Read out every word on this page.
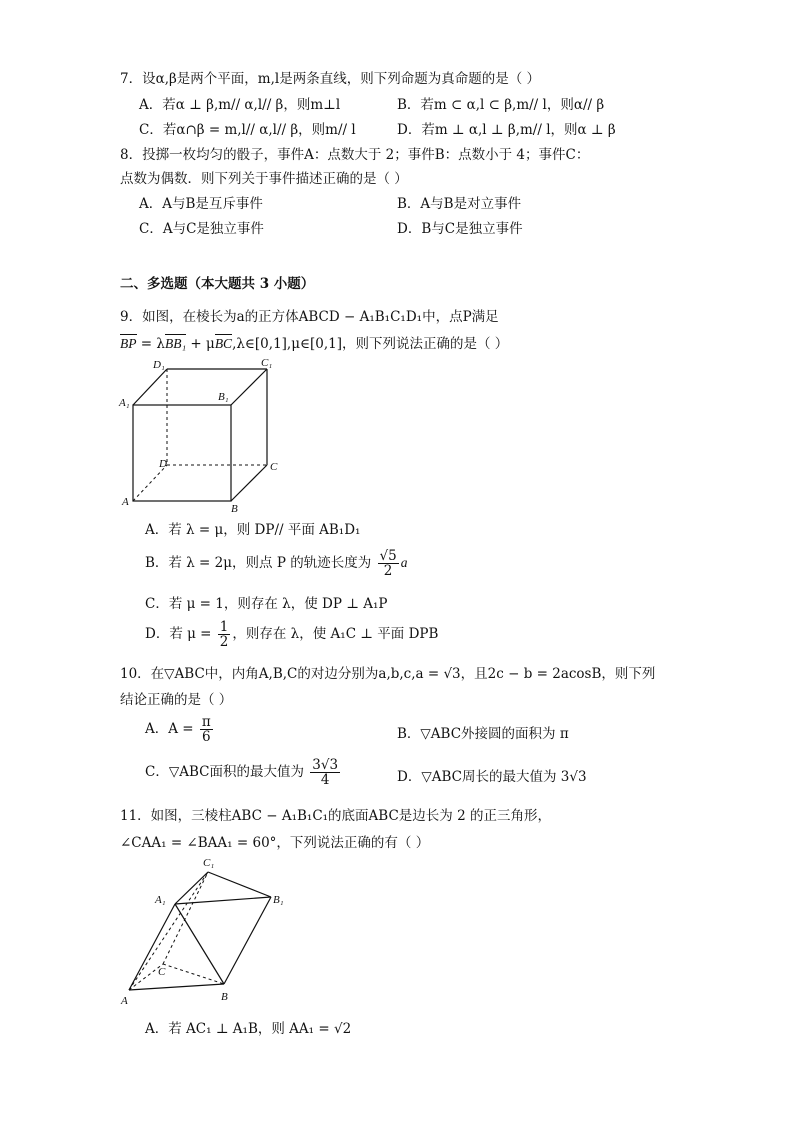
7．设α,β是两个平面，m,l是两条直线，则下列命题为真命题的是（ ）
A．若α ⊥ β,m// α,l// β，则m⊥l	B．若m ⊂ α,l ⊂ β,m// l，则α// β
C．若α∩β = m,l// α,l// β，则m// l	D．若m ⊥ α,l ⊥ β,m// l，则α ⊥ β
8．投掷一枚均匀的骰子，事件A：点数大于 2；事件B：点数小于 4；事件C：
点数为偶数．则下列关于事件描述正确的是（ ）
A．A与B是互斥事件	B．A与B是对立事件
C．A与C是独立事件	D．B与C是独立事件
二、多选题（本大题共 3 小题）
9．如图，在棱长为a的正方体ABCD − A₁B₁C₁D₁中，点P满足
BP = λBB₁ + μBC,λ∈[0,1],μ∈[0,1]，则下列说法正确的是（ ）
D₁	C₁
A₁	B₁
D	C
A
B
A．若 λ = μ，则 DP// 平面 AB₁D₁
B．若 λ = 2μ，则点 P 的轨迹长度为 $\frac{√5}{2}$ a
C．若 μ = 1，则存在 λ，使 DP ⊥ A₁P
D．若 $\mu = \frac{1}{2}$ ，则存在 λ，使 A₁C ⊥ 平面 DPB
10．在▽ABC中，内角A,B,C的对边分别为a,b,c,a = √3，且2c − b = 2acosB，则下列
结论正确的是（ ）
A．$A = \frac{\pi}{6}$	B．▽ABC外接圆的面积为 π
C．▽ABC面积的最大值为 $\frac{3√3}{4}$	D．▽ABC周长的最大值为 3√3
11．如图，三棱柱ABC − A₁B₁C₁的底面ABC是边长为 2 的正三角形，
∠CAA₁ = ∠BAA₁ = 60°，下列说法正确的有（ ）
C₁
A₁	B₁
C
A	B
A．若 AC₁ ⊥ A₁B，则 AA₁ = √2
